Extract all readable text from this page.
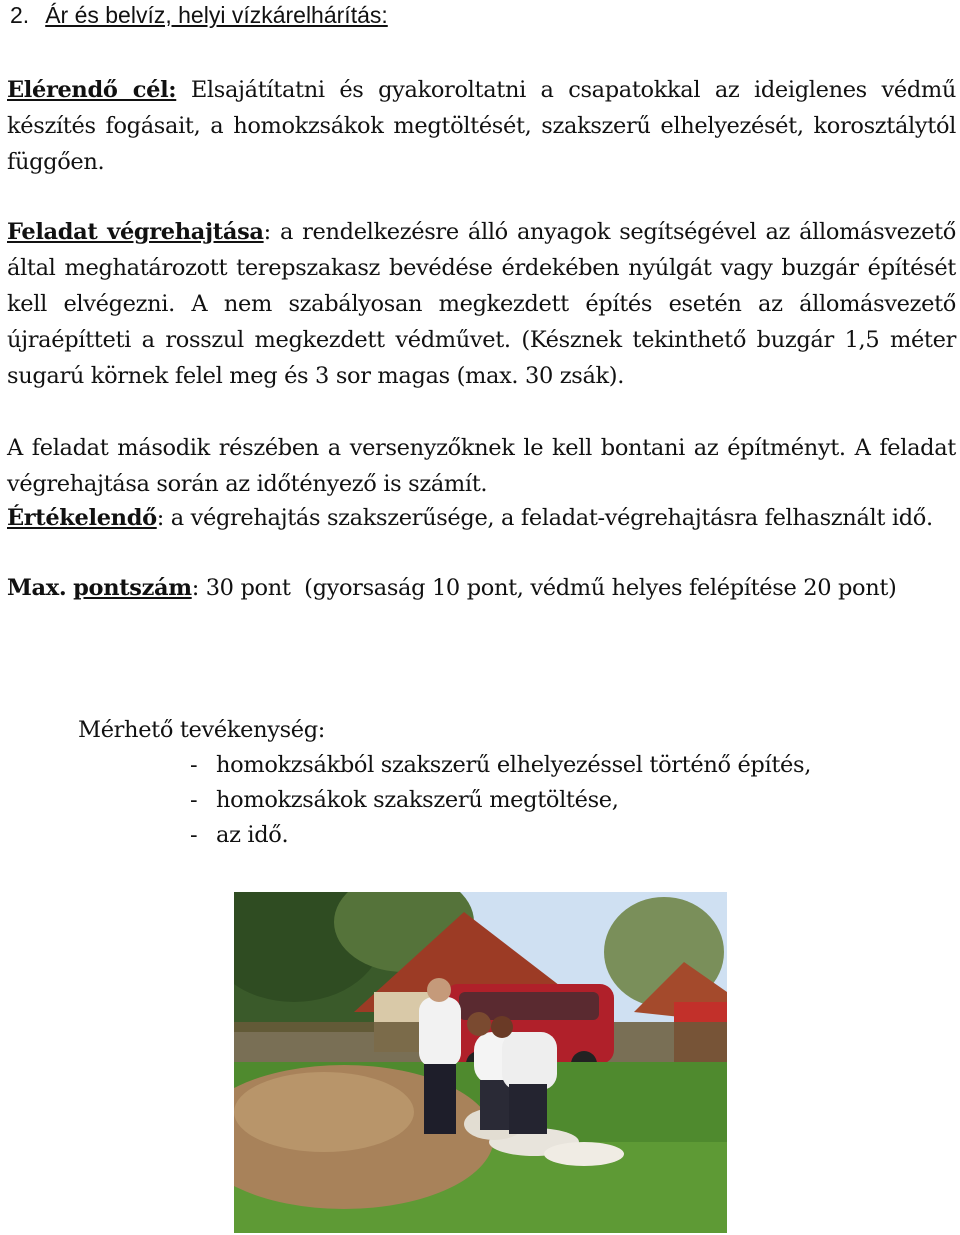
2. Ár és belvíz, helyi vízkárelhárítás:

Elérendő cél: Elsajátítatni és gyakoroltatni a csapatokkal az ideiglenes védmű készítés fogásait, a homokzsákok megtöltését, szakszerű elhelyezését, korosztálytól függően.

Feladat végrehajtása: a rendelkezésre álló anyagok segítségével az állomásvezető által meghatározott terepszakasz bevédése érdekében nyúlgát vagy buzgár építését kell elvégezni. A nem szabályosan megkezdett építés esetén az állomásvezető újraépítteti a rosszul megkezdett védművet. (Késznek tekinthető buzgár 1,5 méter sugarú körnek felel meg és 3 sor magas (max. 30 zsák).

A feladat második részében a versenyzőknek le kell bontani az építményt. A feladat végrehajtása során az időtényező is számít.

Értékelendő: a végrehajtás szakszerűsége, a feladat-végrehajtásra felhasznált idő.

Max. pontszám: 30 pont  (gyorsaság 10 pont, védmű helyes felépítése 20 pont)

Mérhető tevékenység:
- homokzsákból szakszerű elhelyezéssel történő építés,
- homokzsákok szakszerű megtöltése,
- az idő.
